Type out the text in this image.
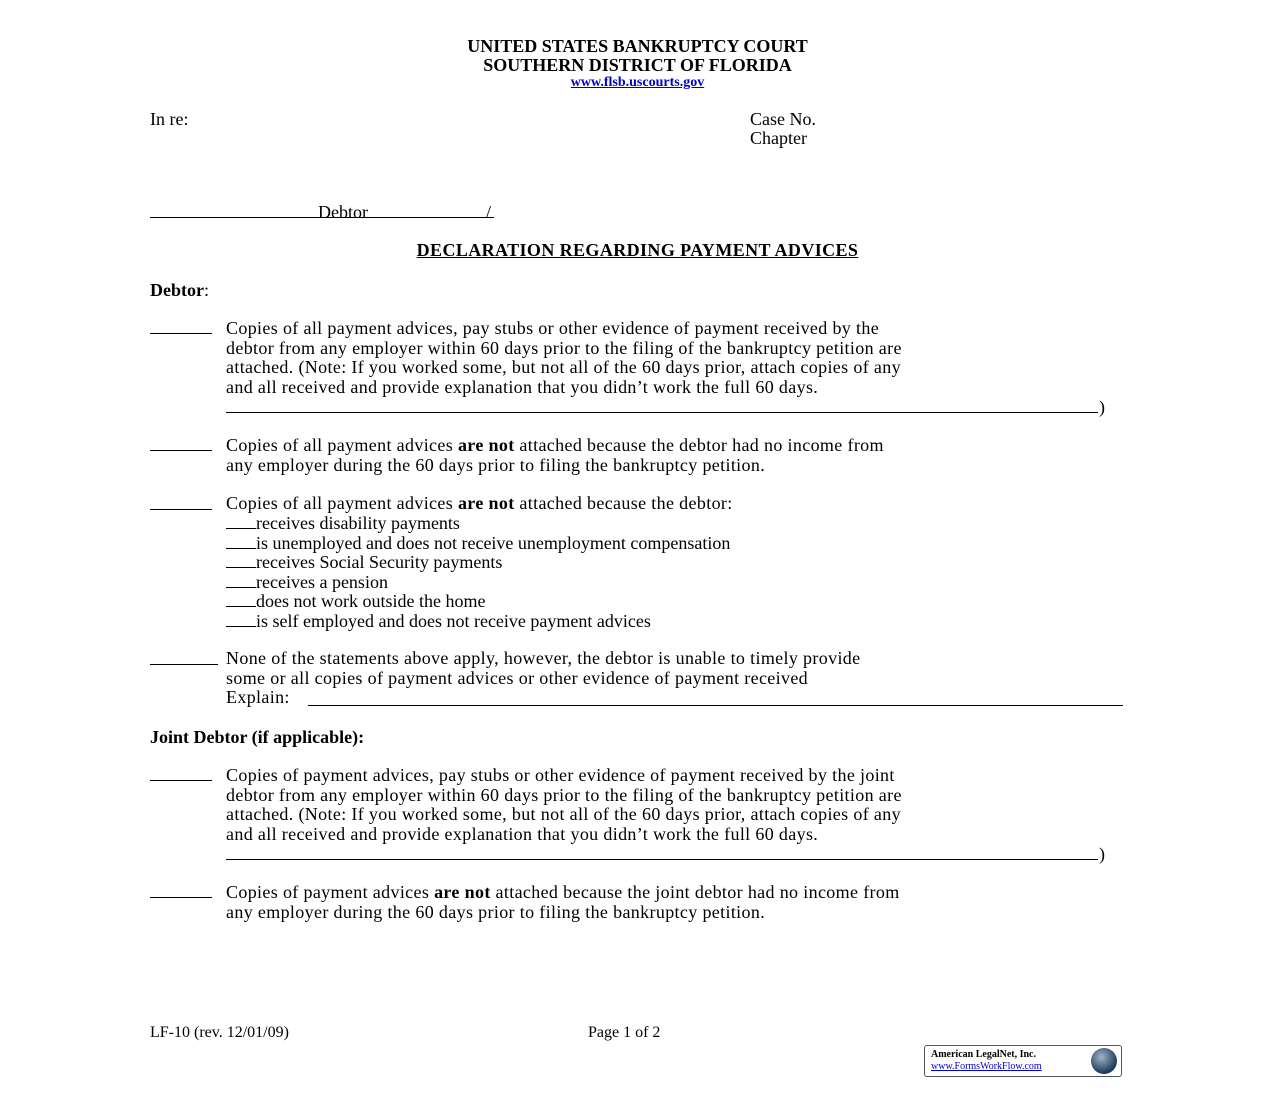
UNITED STATES BANKRUPTCY COURT
SOUTHERN DISTRICT OF FLORIDA
www.flsb.uscourts.gov
In re:	Case No.
Chapter
Debtor	/
DECLARATION REGARDING PAYMENT ADVICES
Debtor:
Copies of all payment advices, pay stubs or other evidence of payment received by the
debtor from any employer within 60 days prior to the filing of the bankruptcy petition are
attached. (Note: If you worked some, but not all of the 60 days prior, attach copies of any
and all received and provide explanation that you didn’t work the full 60 days.
)
Copies of all payment advices are not attached because the debtor had no income from
any employer during the 60 days prior to filing the bankruptcy petition.
Copies of all payment advices are not attached because the debtor:
receives disability payments
is unemployed and does not receive unemployment compensation
receives Social Security payments
receives a pension
does not work outside the home
is self employed and does not receive payment advices
None of the statements above apply, however, the debtor is unable to timely provide
some or all copies of payment advices or other evidence of payment received
Explain:
Joint Debtor (if applicable):
Copies of payment advices, pay stubs or other evidence of payment received by the joint
debtor from any employer within 60 days prior to the filing of the bankruptcy petition are
attached. (Note: If you worked some, but not all of the 60 days prior, attach copies of any
and all received and provide explanation that you didn’t work the full 60 days.
)
Copies of payment advices are not attached because the joint debtor had no income from
any employer during the 60 days prior to filing the bankruptcy petition.
LF-10 (rev. 12/01/09)	Page 1 of 2
American LegalNet, Inc.
www.FormsWorkFlow.com
